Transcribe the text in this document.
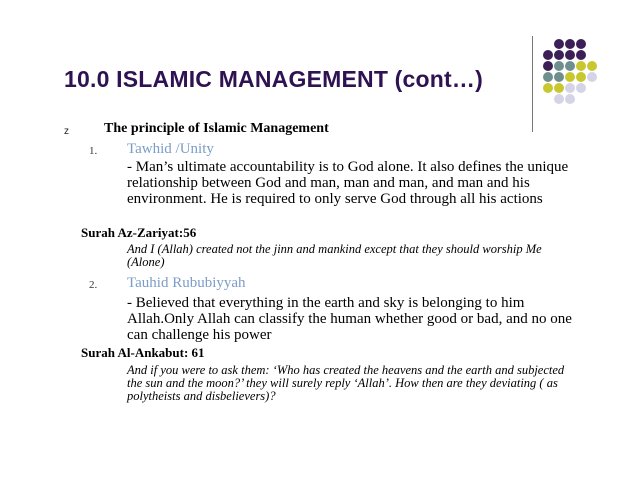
10.0 ISLAMIC MANAGEMENT (cont…)
z	The principle of Islamic Management
1. Tawhid /Unity
- Man’s ultimate accountability is to God alone. It also defines the unique relationship between God and man, man and man, and man and his environment. He is required to only serve God through all his actions
Surah Az-Zariyat:56
And I (Allah) created not the jinn and mankind except that they should worship Me (Alone)
2. Tauhid Rububiyyah
- Believed that everything in the earth and sky is belonging to him Allah.Only Allah can classify the human whether good or bad, and no one can challenge his power
Surah Al-Ankabut: 61
And if you were to ask them: ‘Who has created the heavens and the earth and subjected the sun and the moon?’ they will surely reply ‘Allah’. How then are they deviating ( as polytheists and disbelievers)?
